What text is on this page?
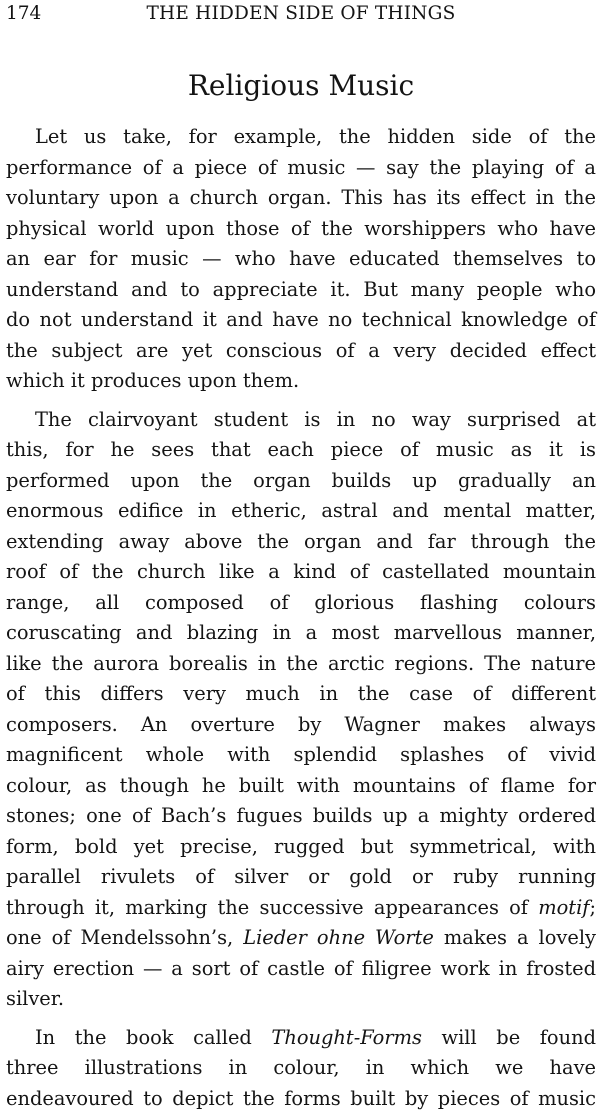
174	THE HIDDEN SIDE OF THINGS
Religious Music
Let us take, for example, the hidden side of the
performance of a piece of music — say the playing of a
voluntary upon a church organ. This has its effect in the
physical world upon those of the worshippers who have
an ear for music — who have educated themselves to
understand and to appreciate it. But many people who
do not understand it and have no technical knowledge of
the subject are yet conscious of a very decided effect
which it produces upon them.
The clairvoyant student is in no way surprised at
this, for he sees that each piece of music as it is
performed upon the organ builds up gradually an
enormous edifice in etheric, astral and mental matter,
extending away above the organ and far through the
roof of the church like a kind of castellated mountain
range, all composed of glorious flashing colours
coruscating and blazing in a most marvellous manner,
like the aurora borealis in the arctic regions. The nature
of this differs very much in the case of different
composers. An overture by Wagner makes always
magnificent whole with splendid splashes of vivid
colour, as though he built with mountains of flame for
stones; one of Bach’s fugues builds up a mighty ordered
form, bold yet precise, rugged but symmetrical, with
parallel rivulets of silver or gold or ruby running
through it, marking the successive appearances of motif;
one of Mendelssohn’s, Lieder ohne Worte makes a lovely
airy erection — a sort of castle of filigree work in frosted
silver.
In the book called Thought-Forms will be found
three illustrations in colour, in which we have
endeavoured to depict the forms built by pieces of music
